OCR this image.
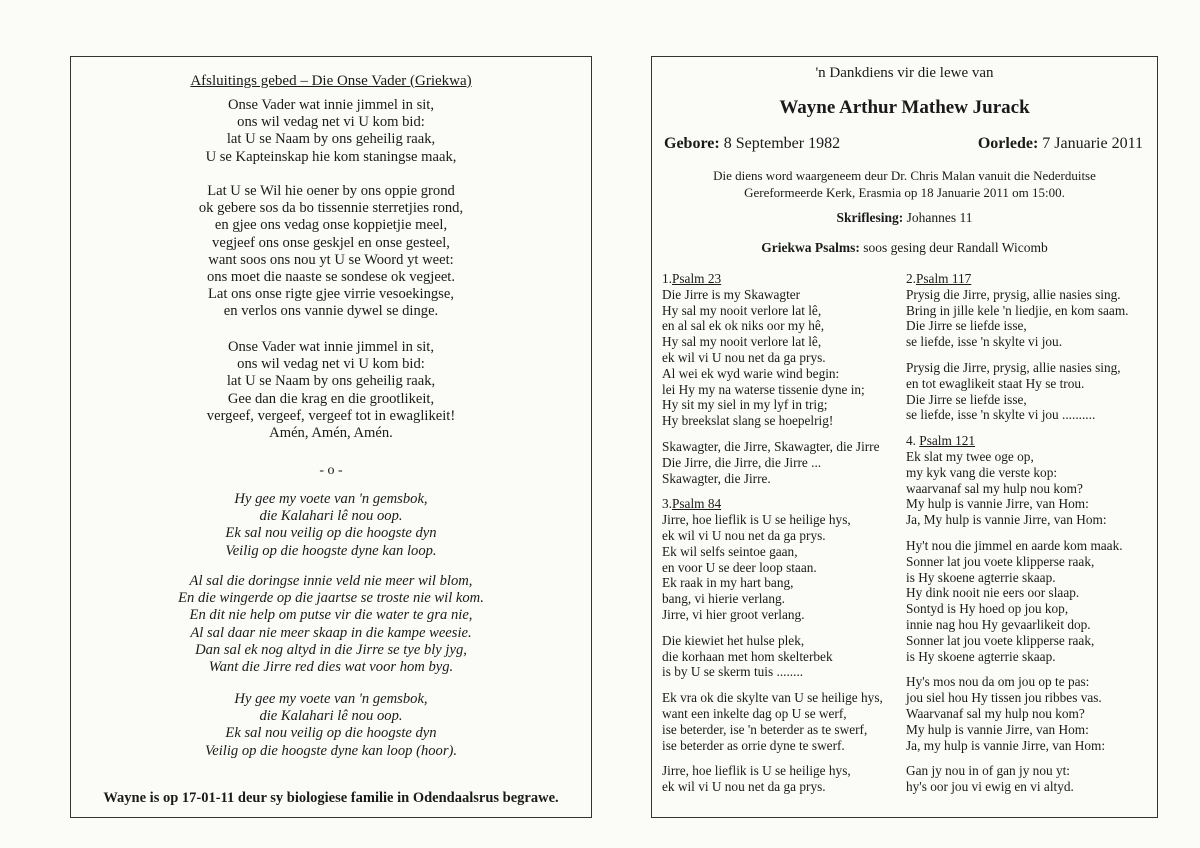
Afsluitings gebed – Die Onse Vader (Griekwa)
- o -
Wayne is op 17-01-11 deur sy biologiese familie in Odendaalsrus begrawe.
Onse Vader wat innie jimmel in sit,
ons wil vedag net vi U kom bid:
lat U se Naam by ons geheilig raak,
U se Kapteinskap hie kom staningse maak,
Lat U se Wil hie oener by ons oppie grond
ok gebere sos da bo tissennie sterretjies rond,
en gjee ons vedag onse koppietjie meel,
vegjeef ons onse geskjel en onse gesteel,
want soos ons nou yt U se Woord yt weet:
ons moet die naaste se sondese ok vegjeet.
Lat ons onse rigte gjee virrie vesoekingse,
en verlos ons vannie dywel se dinge.
Onse Vader wat innie jimmel in sit,
ons wil vedag net vi U kom bid:
lat U se Naam by ons geheilig raak,
Gee dan die krag en die grootlikeit,
vergeef, vergeef, vergeef tot in ewaglikeit!
Amén, Amén, Amén.
Hy gee my voete van 'n gemsbok,
die Kalahari lê nou oop.
Ek sal nou veilig op die hoogste dyn
Veilig op die hoogste dyne kan loop.
Al sal die doringse innie veld nie meer wil blom,
En die wingerde op die jaartse se troste nie wil kom.
En dit nie help om putse vir die water te gra nie,
Al sal daar nie meer skaap in die kampe weesie.
Dan sal ek nog altyd in die Jirre se tye bly jyg,
Want die Jirre red dies wat voor hom byg.
Hy gee my voete van 'n gemsbok,
die Kalahari lê nou oop.
Ek sal nou veilig op die hoogste dyn
Veilig op die hoogste dyne kan loop (hoor).
'n Dankdiens vir die lewe van
Wayne Arthur Mathew Jurack
Gebore: 8 September 1982	Oorlede: 7 Januarie 2011
Die diens word waargeneem deur Dr. Chris Malan vanuit die Nederduitse
Gereformeerde Kerk, Erasmia op 18 Januarie 2011 om 15:00.
Skriflesing: Johannes 11
Griekwa Psalms: soos gesing deur Randall Wicomb
1.Psalm 23
Die Jirre is my Skawagter
Hy sal my nooit verlore lat lê,
en al sal ek ok niks oor my hê,
Hy sal my nooit verlore lat lê,
ek wil vi U nou net da ga prys.
Al wei ek wyd warie wind begin:
lei Hy my na waterse tissenie dyne in;
Hy sit my siel in my lyf in trig;
Hy breekslat slang se hoepelrig!
Skawagter, die Jirre, Skawagter, die Jirre
Die Jirre, die Jirre, die Jirre ...
Skawagter, die Jirre.
3.Psalm 84
Jirre, hoe lieflik is U se heilige hys,
ek wil vi U nou net da ga prys.
Ek wil selfs seintoe gaan,
en voor U se deer loop staan.
Ek raak in my hart bang,
bang, vi hierie verlang.
Jirre, vi hier groot verlang.
Die kiewiet het hulse plek,
die korhaan met hom skelterbek
is by U se skerm tuis ........
Ek vra ok die skylte van U se heilige hys,
want een inkelte dag op U se werf,
ise beterder, ise 'n beterder as te swerf,
ise beterder as orrie dyne te swerf.
Jirre, hoe lieflik is U se heilige hys,
ek wil vi U nou net da ga prys.
2.Psalm 117
Prysig die Jirre, prysig, allie nasies sing.
Bring in jille kele 'n liedjie, en kom saam.
Die Jirre se liefde isse,
se liefde, isse 'n skylte vi jou.
Prysig die Jirre, prysig, allie nasies sing,
en tot ewaglikeit staat Hy se trou.
Die Jirre se liefde isse,
se liefde, isse 'n skylte vi jou ..........
4. Psalm 121
Ek slat my twee oge op,
my kyk vang die verste kop:
waarvanaf sal my hulp nou kom?
My hulp is vannie Jirre, van Hom:
Ja, My hulp is vannie Jirre, van Hom:
Hy't nou die jimmel en aarde kom maak.
Sonner lat jou voete klipperse raak,
is Hy skoene agterrie skaap.
Hy dink nooit nie eers oor slaap.
Sontyd is Hy hoed op jou kop,
innie nag hou Hy gevaarlikeit dop.
Sonner lat jou voete klipperse raak,
is Hy skoene agterrie skaap.
Hy's mos nou da om jou op te pas:
jou siel hou Hy tissen jou ribbes vas.
Waarvanaf sal my hulp nou kom?
My hulp is vannie Jirre, van Hom:
Ja, my hulp is vannie Jirre, van Hom:
Gan jy nou in of gan jy nou yt:
hy's oor jou vi ewig en vi altyd.
